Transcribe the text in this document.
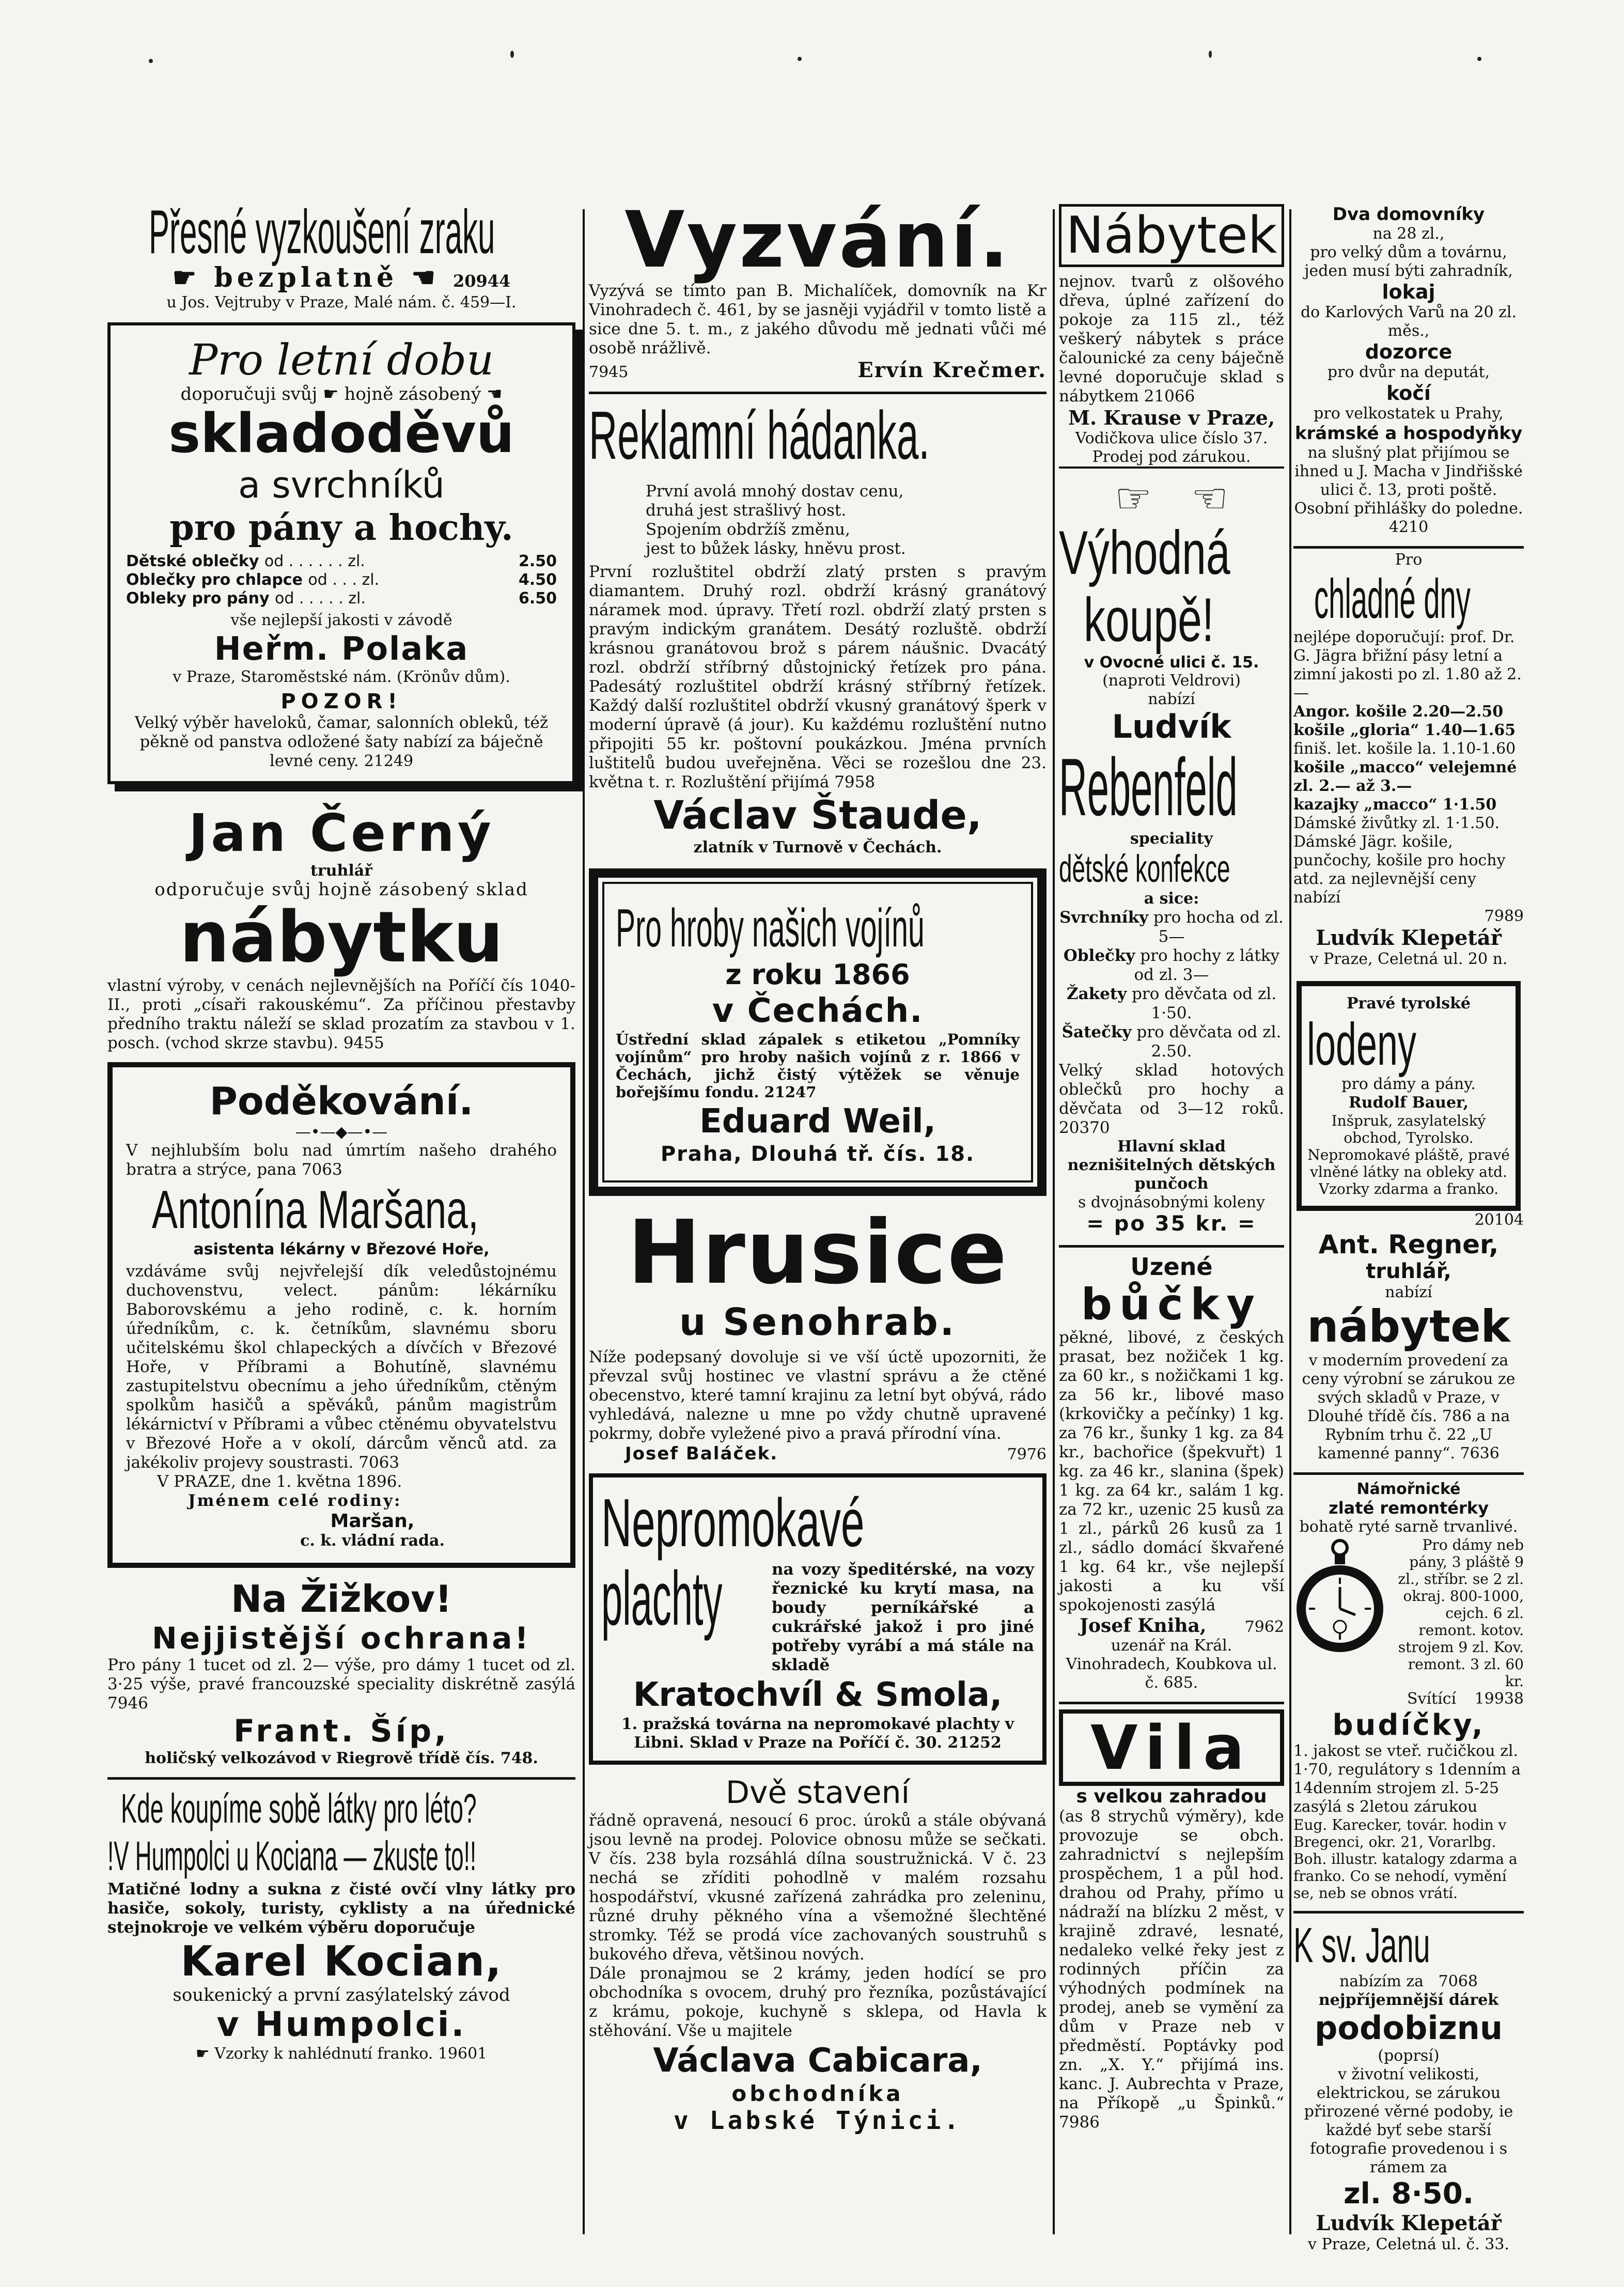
Přesné vyzkoušení zraku
☛ bezplatně ☚ 20944
u Jos. Vejtruby v Praze, Malé nám. č. 459—I.
Pro letní dobu
doporučuji svůj ☛ hojně zásobený ☚
skladoděvů
a svrchníků
pro pány a hochy.
Dětské oblečky od . . . . . . zl.	2.50
Oblečky pro chlapce od . . . zl.	4.50
Obleky pro pány od . . . . . zl.	6.50
vše nejlepší jakosti v závodě
Heřm. Polaka
v Praze, Staroměstské nám. (Krönův dům).
POZOR!
Velký výběr haveloků, čamar, salonních obleků, též pěkně od panstva odložené šaty nabízí za báječně levné ceny. 21249
Jan Černý
truhlář
odporučuje svůj hojně zásobený sklad
nábytku
vlastní výroby, v cenách nejlevnějších na Poříčí čís 1040-II., proti „císaři rakouskému“. Za příčinou přestavby předního traktu náleží se sklad prozatím za stavbou v 1. posch. (vchod skrze stavbu). 9455
Poděkování.
—•—◆—•—
V nejhlubším bolu nad úmrtím našeho drahého bratra a strýce, pana 7063
Antonína Maršana,
asistenta lékárny v Březové Hoře,
vzdáváme svůj nejvřelejší dík veledůstojnému duchovenstvu, velect. pánům: lékárníku Baborovskému a jeho rodině, c. k. horním úředníkům, c. k. četníkům, slavnému sboru učitelskému škol chlapeckých a dívčích v Březové Hoře, v Příbrami a Bohutíně, slavnému zastupitelstvu obecnímu a jeho úředníkům, ctěným spolkům hasičů a spěváků, pánům magistrům lékárnictví v Příbrami a vůbec ctěnému obyvatelstvu v Březové Hoře a v okolí, dárcům věnců atd. za jakékoliv projevy soustrasti. 7063
V PRAZE, dne 1. května 1896.
Jménem celé rodiny:
Maršan,
c. k. vládní rada.
Na Žižkov!
Nejjistější ochrana!
Pro pány 1 tucet od zl. 2— výše, pro dámy 1 tucet od zl. 3·25 výše, pravé francouzské speciality diskrétně zasýlá 7946
Frant. Šíp,
holičský velkozávod v Riegrově třídě čís. 748.
Kde koupíme sobě látky pro léto?
!V Humpolci u Kociana — zkuste to!!
Matičné lodny a sukna z čisté ovčí vlny látky pro hasiče, sokoly, turisty, cyklisty a na úřednické stejnokroje ve velkém výběru doporučuje
Karel Kocian,
soukenický a první zasýlatelský závod
v Humpolci.
☛ Vzorky k nahlédnutí franko. 19601
Vyzvání.
Vyzývá se tímto pan B. Michalíček, domovník na Kr Vinohradech č. 461, by se jasněji vyjádřil v tomto listě a sice dne 5. t. m., z jakého důvodu mě jednati vůči mé osobě nrážlivě.
7945	Ervín Krečmer.
Reklamní hádanka.
První avolá mnohý dostav cenu,
druhá jest strašlivý host.
Spojením obdržíš změnu,
jest to bůžek lásky, hněvu prost.
První rozluštitel obdrží zlatý prsten s pravým diamantem. Druhý rozl. obdrží krásný granátový náramek mod. úpravy. Třetí rozl. obdrží zlatý prsten s pravým indickým granátem. Desátý rozluště. obdrží krásnou granátovou brož s párem náušnic. Dvacátý rozl. obdrží stříbrný důstojnický řetízek pro pána. Padesátý rozluštitel obdrží krásný stříbrný řetízek. Každý další rozluštitel obdrží vkusný granátový šperk v moderní úpravě (á jour). Ku každému rozluštění nutno připojiti 55 kr. poštovní poukázkou. Jména prvních luštitelů budou uveřejněna. Věci se rozešlou dne 23. května t. r. Rozluštění přijímá 7958
Václav Štaude,
zlatník v Turnově v Čechách.
Pro hroby našich vojínů
z roku 1866
v Čechách.
Ústřední sklad zápalek s etiketou „Pomníky vojínům“ pro hroby našich vojínů z r. 1866 v Čechách, jichž čistý výtěžek se věnuje bořejšímu fondu. 21247
Eduard Weil,
Praha, Dlouhá tř. čís. 18.
Hrusice
u Senohrab.
Níže podepsaný dovoluje si ve vší úctě upozorniti, že převzal svůj hostinec ve vlastní správu a že ctěné obecenstvo, které tamní krajinu za letní byt obývá, rádo vyhledává, nalezne u mne po vždy chutně upravené pokrmy, dobře vyležené pivo a pravá přírodní vína.
Josef Baláček.	7976
Nepromokavé
plachty	na vozy špeditérské, na vozy řeznické ku krytí masa, na boudy perníkářské a cukrářské jakož i pro jiné potřeby vyrábí a má stále na skladě
Kratochvíl & Smola,
1. pražská továrna na nepromokavé plachty v Libni. Sklad v Praze na Poříčí č. 30. 21252
Dvě stavení
řádně opravená, nesoucí 6 proc. úroků a stále obývaná jsou levně na prodej. Polovice obnosu může se sečkati. V čís. 238 byla rozsáhlá dílna soustružnická. V č. 23 nechá se zříditi pohodlně v malém rozsahu hospodářství, vkusné zařízená zahrádka pro zeleninu, různé druhy pěkného vína a všemožné šlechtěné stromky. Též se prodá více zachovaných soustruhů s bukového dřeva, většinou nových.
Dále pronajmou se 2 krámy, jeden hodící se pro obchodníka s ovocem, druhý pro řezníka, pozůstávající z krámu, pokoje, kuchyně s sklepa, od Havla k stěhování. Vše u majitele
Václava Cabicara,
obchodníka
v Labské Týnici.
Nábytek
nejnov. tvarů z olšového dřeva, úplné zařízení do pokoje za 115 zl., též veškerý nábytek s práce čalounické za ceny báječně levné doporučuje sklad s nábytkem 21066
M. Krause v Praze,
Vodičkova ulice číslo 37.
Prodej pod zárukou.
☞ ☜
Výhodná
koupě!
v Ovocné ulici č. 15.
(naproti Veldrovi)
nabízí
Ludvík
Rebenfeld
speciality
dětské konfekce
a sice:
Svrchníky pro hocha od zl. 5—
Oblečky pro hochy z látky od zl. 3—
Žakety pro děvčata od zl. 1·50.
Šatečky pro děvčata od zl. 2.50.
Velký sklad hotových oblečků pro hochy a děvčata od 3—12 roků. 20370
Hlavní sklad
neznišitelných dětských punčoch
s dvojnásobnými koleny
= po 35 kr. =
Uzené
bůčky
pěkné, libové, z českých prasat, bez nožiček 1 kg. za 60 kr., s nožičkami 1 kg. za 56 kr., libové maso (krkovičky a pečínky) 1 kg. za 76 kr., šunky 1 kg. za 84 kr., bachořice (špekvuřt) 1 kg. za 46 kr., slanina (špek) 1 kg. za 64 kr., salám 1 kg. za 72 kr., uzenic 25 kusů za 1 zl., párků 26 kusů za 1 zl., sádlo domácí škvařené 1 kg. 64 kr., vše nejlepší jakosti a ku vší spokojenosti zasýlá
Josef Kniha, 7962
uzenář na Král. Vinohradech, Koubkova ul. č. 685.
Vila
s velkou zahradou
(as 8 strychů výměry), kde provozuje se obch. zahradnictví s nejlepším prospěchem, 1 a půl hod. drahou od Prahy, přímo u nádraží na blízku 2 měst, v krajině zdravé, lesnaté, nedaleko velké řeky jest z rodinných příčin za výhodných podmínek na prodej, aneb se vymění za dům v Praze neb v předměstí. Poptávky pod zn. „X. Y.“ přijímá ins. kanc. J. Aubrechta v Praze, na Příkopě „u Špinků.“ 7986
Dva domovníky
na 28 zl.,
pro velký dům a továrnu, jeden musí býti zahradník,
lokaj
do Karlových Varů na 20 zl. měs.,
dozorce
pro dvůr na deputát,
kočí
pro velkostatek u Prahy,
krámské a hospodyňky
na slušný plat přijímou se ihned u J. Macha v Jindřišské ulici č. 13, proti poště. Osobní přihlášky do poledne. 4210
Pro
chladné dny
nejlépe doporučují: prof. Dr. G. Jägra břižní pásy letní a zimní jakosti po zl. 1.80 až 2.—
Angor. košile 2.20—2.50
košile „gloria“ 1.40—1.65
finiš. let. košile la. 1.10-1.60
košile „macco“ velejemné zl. 2.— až 3.—
kazajky „macco“ 1·1.50
Dámské živůtky zl. 1·1.50.
Dámské Jägr. košile, punčochy, košile pro hochy atd. za nejlevnější ceny nabízí
7989
Ludvík Klepetář
v Praze, Celetná ul. 20 n.
Pravé tyrolské
lodeny
pro dámy a pány.
Rudolf Bauer,
Inšpruk, zasylatelský obchod, Tyrolsko. Nepromokavé pláště, pravé vlněné látky na obleky atd. Vzorky zdarma a franko.
20104
Ant. Regner,
truhlář,
nabízí
nábytek
v moderním provedení za ceny výrobní se zárukou ze svých skladů v Praze, v Dlouhé třídě čís. 786 a na Rybním trhu č. 22 „U kamenné panny“. 7636
Námořnické
zlaté remontérky
bohatě ryté sarně trvanlivé.
Pro dámy neb pány, 3 pláště 9 zl., stříbr. se 2 zl. okraj. 800-1000, cejch. 6 zl. remont. kotov. strojem 9 zl. Kov. remont. 3 zl. 60 kr.
Svítící 19938
budíčky,
1. jakost se vteř. ručičkou zl. 1·70, regulátory s 1denním a 14denním strojem zl. 5-25 zasýlá s 2letou zárukou
Eug. Karecker, továr. hodin v Bregenci, okr. 21, Vorarlbg. Boh. illustr. katalogy zdarma a franko. Co se nehodí, vymění se, neb se obnos vrátí.
K sv. Janu
nabízím za 7068
nejpříjemnější dárek
podobiznu
(poprsí)
v životní velikosti, elektrickou, se zárukou přirozené věrné podoby, ie každé byť sebe starší fotografie provedenou i s rámem za
zl. 8·50.
Ludvík Klepetář
v Praze, Celetná ul. č. 33.
